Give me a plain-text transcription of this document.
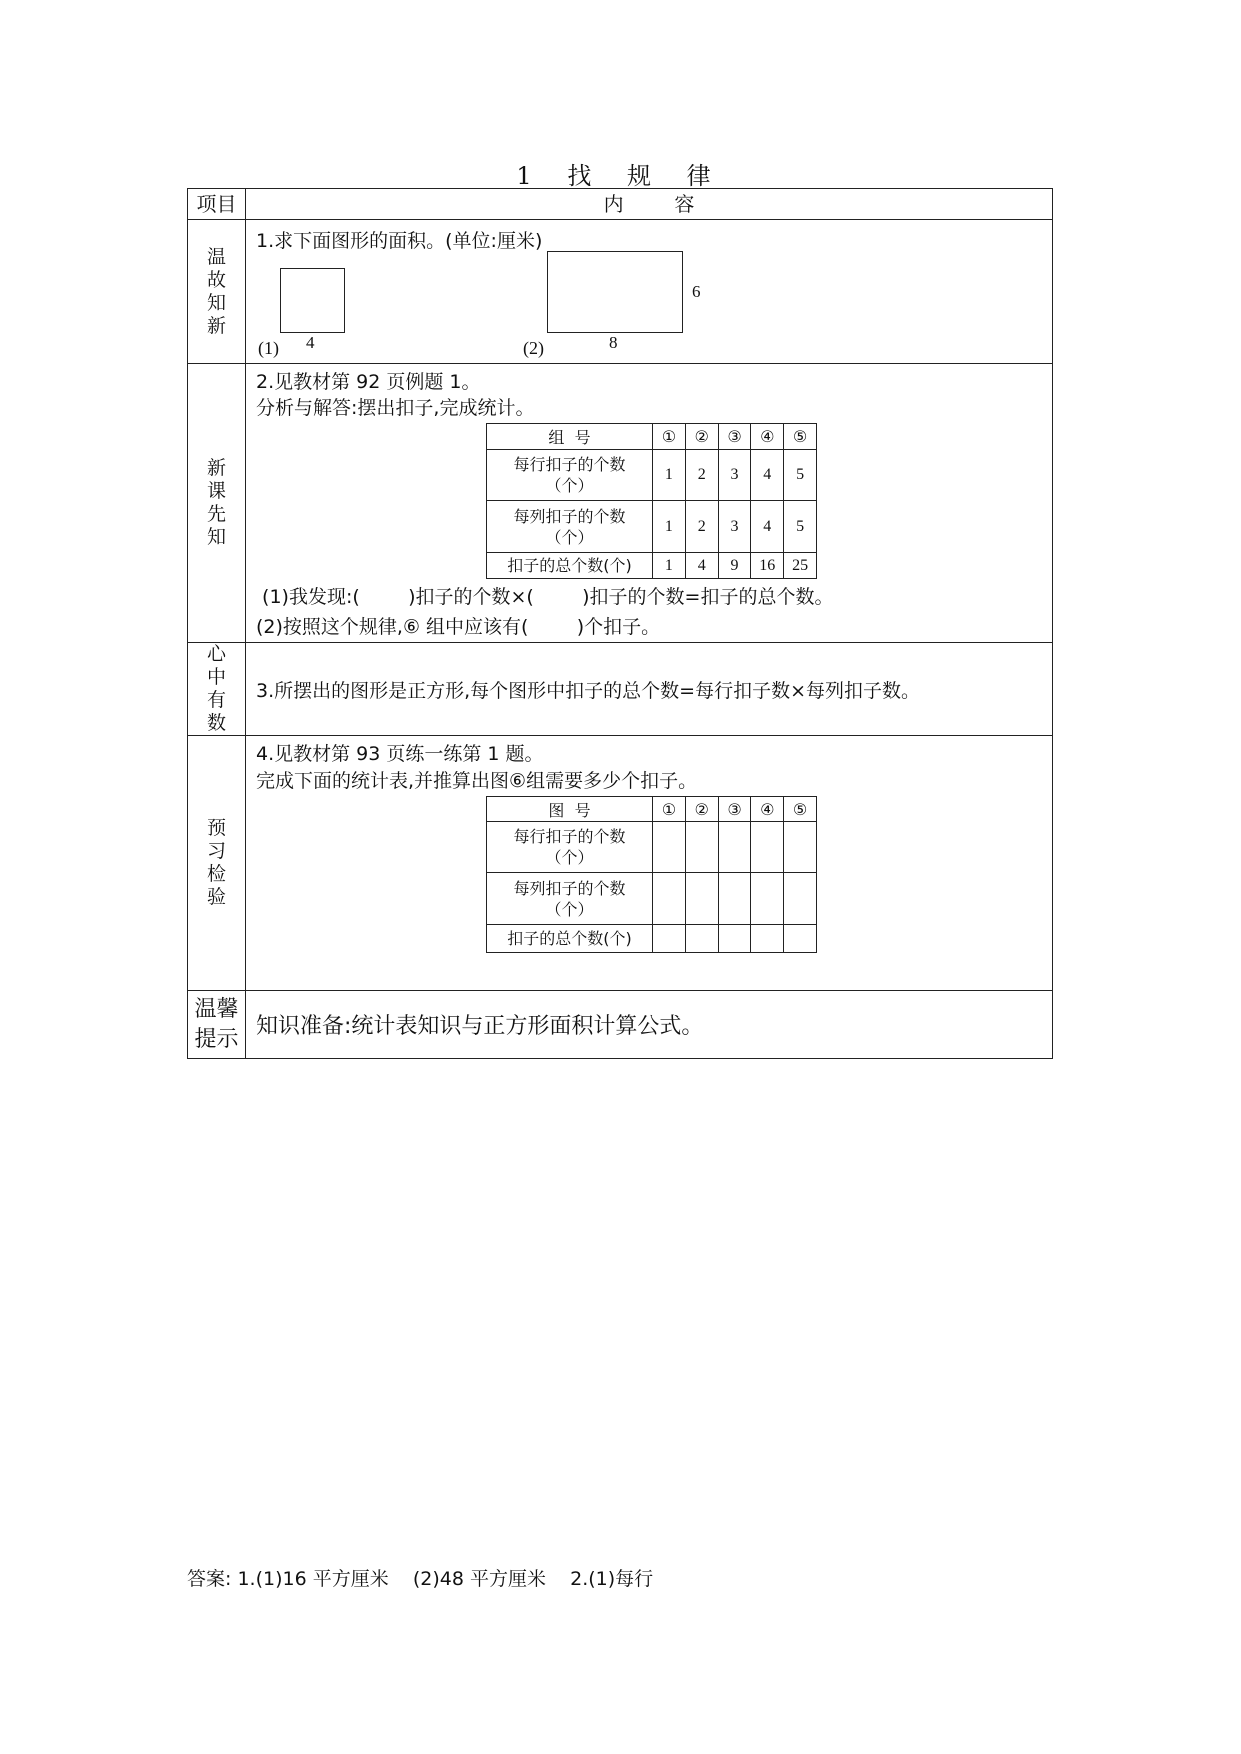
1 找 规 律
项目	内        容

温故知新

1.求下面图形的面积。(单位:厘米)
(1) 4	(2)	8
6

新课先知

2.见教材第 92 页例题 1。
分析与解答:摆出扣子,完成统计。
组  号	①	②	③	④	⑤

每行扣子的个数（个）
	1	2	3	4	5

每列扣子的个数（个）
	1	2	3	4	5
扣子的总个数(个)	1	4	9	16	25
(1)我发现:(        )扣子的个数×(        )扣子的个数=扣子的总个数。
(2)按照这个规律,⑥ 组中应该有(        )个扣子。

心中有数

3.所摆出的图形是正方形,每个图形中扣子的总个数=每行扣子数×每列扣子数。

预习检验

4.见教材第 93 页练一练第 1 题。
完成下面的统计表,并推算出图⑥组需要多少个扣子。
图  号	①	②	③	④	⑤

每行扣子的个数（个）

每列扣子的个数（个）

扣子的总个数(个)					

温馨提示	知识准备:统计表知识与正方形面积计算公式。
答案: 1.(1)16 平方厘米    (2)48 平方厘米    2.(1)每行
